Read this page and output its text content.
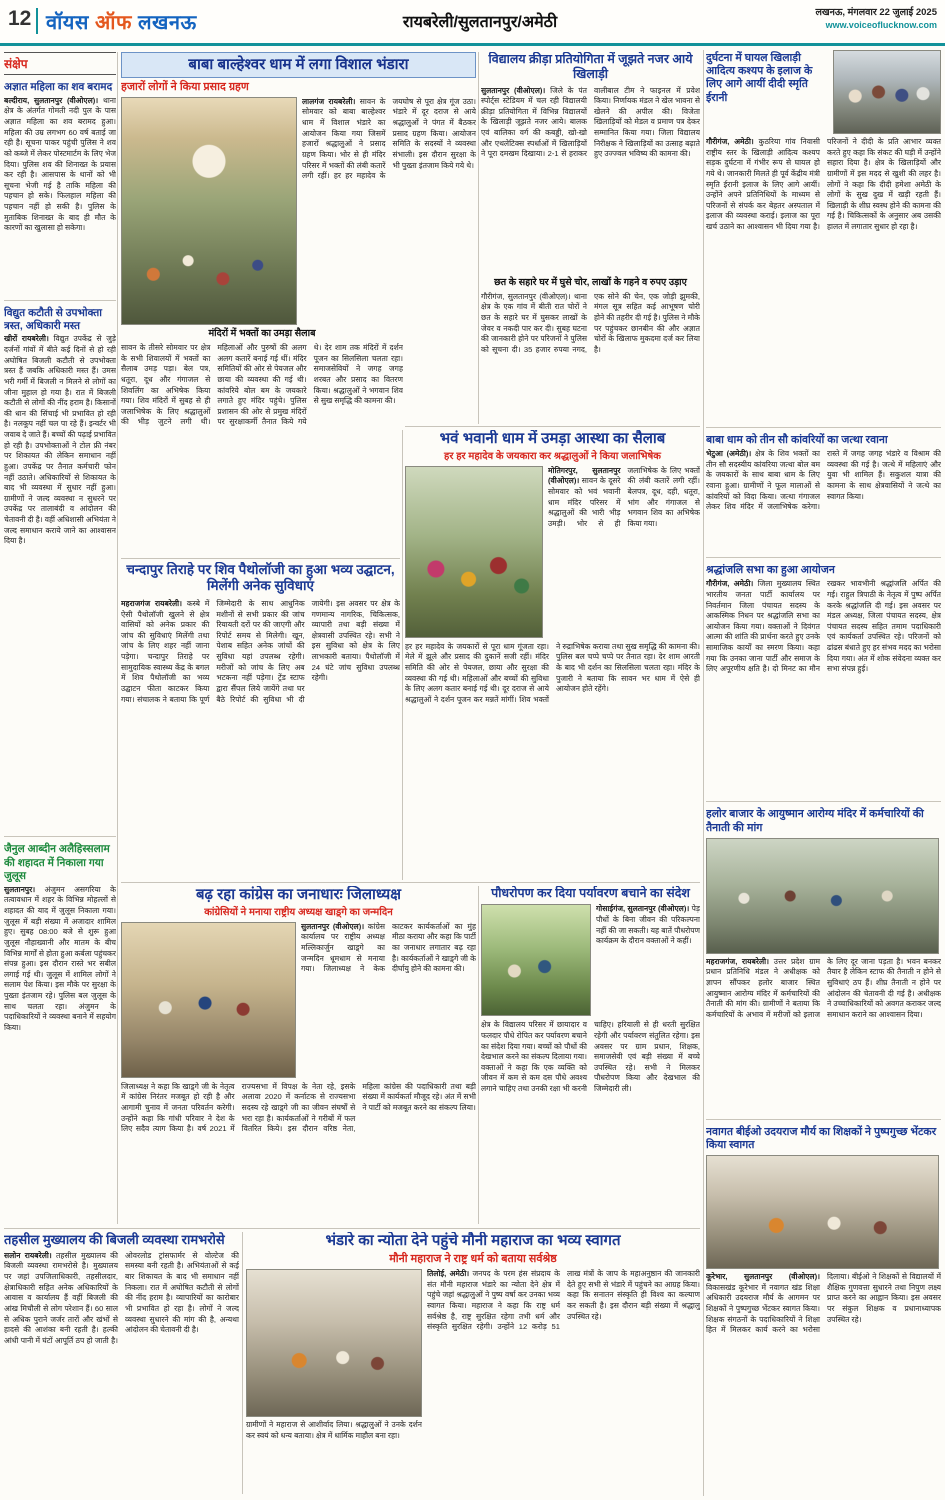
12 वॉयस ऑफ लखनऊ	रायबरेली/सुलतानपुर/अमेठी
लखनऊ, मंगलवार 22 जुलाई 2025
www.voiceoflucknow.com
संक्षेप
अज्ञात महिला का शव बरामद
बल्दीराय, सुलतानपुर (वीओएल)। थाना क्षेत्र के अंतर्गत गोमती नदी पुल के पास अज्ञात महिला का शव बरामद हुआ। महिला की उम्र लगभग 60 वर्ष बताई जा रही है। सूचना पाकर पहुंची पुलिस ने शव को कब्जे में लेकर पोस्टमार्टम के लिए भेज दिया। पुलिस शव की शिनाख्त के प्रयास कर रही है। आसपास के थानों को भी सूचना भेजी गई है ताकि महिला की पहचान हो सके। फिलहाल महिला की पहचान नहीं हो सकी है। पुलिस के मुताबिक शिनाख्त के बाद ही मौत के कारणों का खुलासा हो सकेगा।
विद्युत कटौती से उपभोक्ता त्रस्त, अधिकारी मस्त
खीरों रायबरेली। विद्युत उपकेंद्र से जुड़े दर्जनों गांवों में बीते कई दिनों से हो रही अघोषित बिजली कटौती से उपभोक्ता त्रस्त हैं जबकि अधिकारी मस्त हैं। उमस भरी गर्मी में बिजली न मिलने से लोगों का जीना मुहाल हो गया है। रात में बिजली कटौती से लोगों की नींद हराम है। किसानों की धान की सिंचाई भी प्रभावित हो रही है। नलकूप नहीं चल पा रहे हैं। इन्वर्टर भी जवाब दे जाते हैं। बच्चों की पढ़ाई प्रभावित हो रही है। उपभोक्ताओं ने टोल फ्री नंबर पर शिकायत की लेकिन समाधान नहीं हुआ। उपकेंद्र पर तैनात कर्मचारी फोन नहीं उठाते। अधिकारियों से शिकायत के बाद भी व्यवस्था में सुधार नहीं हुआ। ग्रामीणों ने जल्द व्यवस्था न सुधरने पर उपकेंद्र पर तालाबंदी व आंदोलन की चेतावनी दी है। वहीं अधिशासी अभियंता ने जल्द समाधान कराये जाने का आश्वासन दिया है।
जैनुल आब्दीन अलैहिस्सलाम की शहादत में निकाला गया जुलूस
सुलतानपुर। अंजुमन असगरिया के तत्वावधान में शहर के विभिन्न मोहल्लों से शहादत की याद में जुलूस निकाला गया। जुलूस में बड़ी संख्या में अजादार शामिल हुए। सुबह 08:00 बजे से शुरू हुआ जुलूस नौहाख्वानी और मातम के बीच विभिन्न मार्गों से होता हुआ कर्बला पहुंचकर संपन्न हुआ। इस दौरान रास्ते भर सबील लगाई गई थी। जुलूस में शामिल लोगों ने सलाम पेश किया। इस मौके पर सुरक्षा के पुख्ता इंतजाम रहे। पुलिस बल जुलूस के साथ चलता रहा। अंजुमन के पदाधिकारियों ने व्यवस्था बनाने में सहयोग किया।
बाबा बाल्हेश्वर धाम में लगा विशाल भंडारा
हजारों लोगों ने किया प्रसाद ग्रहण
लालगंज रायबरेली। सावन के सोमवार को बाबा बाल्हेश्वर धाम में विशाल भंडारे का आयोजन किया गया जिसमें हजारों श्रद्धालुओं ने प्रसाद ग्रहण किया। भोर से ही मंदिर परिसर में भक्तों की लंबी कतारें लगी रहीं। हर हर महादेव के जयघोष से पूरा क्षेत्र गूंज उठा। भंडारे में दूर दराज से आये श्रद्धालुओं ने पंगत में बैठकर प्रसाद ग्रहण किया। आयोजन समिति के सदस्यों ने व्यवस्था संभाली। इस दौरान सुरक्षा के भी पुख्ता इंतजाम किये गये थे।
मंदिरों में भक्तों का उमड़ा सैलाब
सावन के तीसरे सोमवार पर क्षेत्र के सभी शिवालयों में भक्तों का सैलाब उमड़ पड़ा। बेल पत्र, धतूरा, दूध और गंगाजल से शिवलिंग का अभिषेक किया गया। शिव मंदिरों में सुबह से ही जलाभिषेक के लिए श्रद्धालुओं की भीड़ जुटने लगी थी। महिलाओं और पुरुषों की अलग अलग कतारें बनाई गई थीं। मंदिर समितियों की ओर से पेयजल और छाया की व्यवस्था की गई थी। कांवरिये बोल बम के जयकारे लगाते हुए मंदिर पहुंचे। पुलिस प्रशासन की ओर से प्रमुख मंदिरों पर सुरक्षाकर्मी तैनात किये गये थे। देर शाम तक मंदिरों में दर्शन पूजन का सिलसिला चलता रहा। समाजसेवियों ने जगह जगह शरबत और प्रसाद का वितरण किया। श्रद्धालुओं ने भगवान शिव से सुख समृद्धि की कामना की।
विद्यालय क्रीड़ा प्रतियोगिता में जूझते नजर आये खिलाड़ी
सुलतानपुर (वीओएल)। जिले के पंत स्पोर्ट्स स्टेडियम में चल रही विद्यालयी क्रीड़ा प्रतियोगिता में विभिन्न विद्यालयों के खिलाड़ी जूझते नजर आये। बालक एवं बालिका वर्ग की कबड्डी, खो-खो और एथलेटिक्स स्पर्धाओं में खिलाड़ियों ने पूरा दमखम दिखाया। 2-1 से हराकर वालीबाल टीम ने फाइनल में प्रवेश किया। निर्णायक मंडल ने खेल भावना से खेलने की अपील की। विजेता खिलाड़ियों को मेडल व प्रमाण पत्र देकर सम्मानित किया गया। जिला विद्यालय निरीक्षक ने खिलाड़ियों का उत्साह बढ़ाते हुए उज्ज्वल भविष्य की कामना की।
छत के सहारे घर में घुसे चोर, लाखों के गहने व रुपए उड़ाए
गौरीगंज, सुलतानपुर (वीओएल)। थाना क्षेत्र के एक गांव में बीती रात चोरों ने छत के सहारे घर में घुसकर लाखों के जेवर व नकदी पार कर दी। सुबह घटना की जानकारी होने पर परिजनों ने पुलिस को सूचना दी। 35 हजार रुपया नगद, एक सोने की चेन, एक जोड़ी झुमकी, मंगल सूत्र सहित कई आभूषण चोरी होने की तहरीर दी गई है। पुलिस ने मौके पर पहुंचकर छानबीन की और अज्ञात चोरों के खिलाफ मुकदमा दर्ज कर लिया है।
भवं भवानी धाम में उमड़ा आस्था का सैलाब
हर हर महादेव के जयकारा कर श्रद्धालुओं ने किया जलाभिषेक
मोतिगरपुर, सुलतानपुर (वीओएल)। सावन के दूसरे सोमवार को भवं भवानी धाम मंदिर परिसर में श्रद्धालुओं की भारी भीड़ उमड़ी। भोर से ही जलाभिषेक के लिए भक्तों की लंबी कतारें लगी रहीं। बेलपत्र, दूध, दही, धतूरा, भांग और गंगाजल से भगवान शिव का अभिषेक किया गया।
हर हर महादेव के जयकारों से पूरा धाम गूंजता रहा। मेले में झूले और प्रसाद की दुकानें सजी रहीं। मंदिर समिति की ओर से पेयजल, छाया और सुरक्षा की व्यवस्था की गई थी। महिलाओं और बच्चों की सुविधा के लिए अलग कतार बनाई गई थी। दूर दराज से आये श्रद्धालुओं ने दर्शन पूजन कर मन्नतें मांगीं। शिव भक्तों ने रुद्राभिषेक कराया तथा सुख समृद्धि की कामना की। पुलिस बल चप्पे चप्पे पर तैनात रहा। देर शाम आरती के बाद भी दर्शन का सिलसिला चलता रहा। मंदिर के पुजारी ने बताया कि सावन भर धाम में ऐसे ही आयोजन होते रहेंगे।
चन्दापुर तिराहे पर शिव पैथोलॉजी का हुआ भव्य उद्घाटन, मिलेंगी अनेक सुविधाएं
महराजगंज रायबरेली। कस्बे में ऐसी पैथोलॉजी खुलने से क्षेत्र वासियों को अनेक प्रकार की जांच की सुविधाएं मिलेंगी तथा जांच के लिए शहर नहीं जाना पड़ेगा। चन्दापुर तिराहे पर सामुदायिक स्वास्थ्य केंद्र के बगल में शिव पैथोलॉजी का भव्य उद्घाटन फीता काटकर किया गया। संचालक ने बताया कि पूर्ण जिम्मेदारी के साथ आधुनिक मशीनों से सभी प्रकार की जांच रियायती दरों पर की जाएगी और रिपोर्ट समय से मिलेगी। खून, पेशाब सहित अनेक जांचों की सुविधा यहां उपलब्ध रहेगी। मरीजों को जांच के लिए अब भटकना नहीं पड़ेगा। ट्रेंड स्टाफ द्वारा सैंपल लिये जायेंगे तथा घर बैठे रिपोर्ट की सुविधा भी दी जायेगी। इस अवसर पर क्षेत्र के गणमान्य नागरिक, चिकित्सक, व्यापारी तथा बड़ी संख्या में क्षेत्रवासी उपस्थित रहे। सभी ने इस सुविधा को क्षेत्र के लिए लाभकारी बताया। पैथोलॉजी में 24 घंटे जांच सुविधा उपलब्ध रहेगी।
बढ़ रहा कांग्रेस का जनाधारः जिलाध्यक्ष
कांग्रेसियों ने मनाया राष्ट्रीय अध्यक्ष खाड़्गे का जन्मदिन
सुलतानपुर (वीओएल)। कांग्रेस कार्यालय पर राष्ट्रीय अध्यक्ष मल्लिकार्जुन खाड़्गे का जन्मदिन धूमधाम से मनाया गया। जिलाध्यक्ष ने केक काटकर कार्यकर्ताओं का मुंह मीठा कराया और कहा कि पार्टी का जनाधार लगातार बढ़ रहा है। कार्यकर्ताओं ने खाड़्गे जी के दीर्घायु होने की कामना की।
जिलाध्यक्ष ने कहा कि खाड़्गे जी के नेतृत्व में कांग्रेस निरंतर मजबूत हो रही है और आगामी चुनाव में जनता परिवर्तन करेगी। उन्होंने कहा कि गांधी परिवार ने देश के लिए सदैव त्याग किया है। वर्ष 2021 में राज्यसभा में विपक्ष के नेता रहे, इसके अलावा 2020 में कर्नाटक से राज्यसभा सदस्य रहे खाड़्गे जी का जीवन संघर्षों से भरा रहा है। कार्यकर्ताओं ने गरीबों में फल वितरित किये। इस दौरान वरिष्ठ नेता, महिला कांग्रेस की पदाधिकारी तथा बड़ी संख्या में कार्यकर्ता मौजूद रहे। अंत में सभी ने पार्टी को मजबूत करने का संकल्प लिया।
पौधरोपण कर दिया पर्यावरण बचाने का संदेश
गोसाईगंज, सुलतानपुर (वीओएल)। पेड़ पौधों के बिना जीवन की परिकल्पना नहीं की जा सकती। यह बातें पौधरोपण कार्यक्रम के दौरान वक्ताओं ने कहीं।
क्षेत्र के विद्यालय परिसर में छायादार व फलदार पौधे रोपित कर पर्यावरण बचाने का संदेश दिया गया। बच्चों को पौधों की देखभाल करने का संकल्प दिलाया गया। वक्ताओं ने कहा कि एक व्यक्ति को जीवन में कम से कम दस पौधे अवश्य लगाने चाहिए तथा उनकी रक्षा भी करनी चाहिए। हरियाली से ही धरती सुरक्षित रहेगी और पर्यावरण संतुलित रहेगा। इस अवसर पर ग्राम प्रधान, शिक्षक, समाजसेवी एवं बड़ी संख्या में बच्चे उपस्थित रहे। सभी ने मिलकर पौधरोपण किया और देखभाल की जिम्मेदारी ली।
दुर्घटना में घायल खिलाड़ी आदित्य कश्यप के इलाज के लिए आगे आयीं दीदी स्मृति ईरानी
गौरीगंज, अमेठी। कुठरिया गांव निवासी राष्ट्रीय स्तर के खिलाड़ी आदित्य कश्यप सड़क दुर्घटना में गंभीर रूप से घायल हो गये थे। जानकारी मिलते ही पूर्व केंद्रीय मंत्री स्मृति ईरानी इलाज के लिए आगे आयीं। उन्होंने अपने प्रतिनिधियों के माध्यम से परिजनों से संपर्क कर बेहतर अस्पताल में इलाज की व्यवस्था कराई। इलाज का पूरा खर्च उठाने का आश्वासन भी दिया गया है। परिजनों ने दीदी के प्रति आभार व्यक्त करते हुए कहा कि संकट की घड़ी में उन्होंने सहारा दिया है। क्षेत्र के खिलाड़ियों और ग्रामीणों में इस मदद से खुशी की लहर है। लोगों ने कहा कि दीदी हमेशा अमेठी के लोगों के सुख दुख में खड़ी रहती हैं। खिलाड़ी के शीघ्र स्वस्थ होने की कामना की गई है। चिकित्सकों के अनुसार अब उसकी हालत में लगातार सुधार हो रहा है।
बाबा धाम को तीन सौ कांवरियों का जत्था रवाना
भेटुआ (अमेठी)। क्षेत्र के शिव भक्तों का तीन सौ सदस्यीय कांवरिया जत्था बोल बम के जयकारों के साथ बाबा धाम के लिए रवाना हुआ। ग्रामीणों ने फूल मालाओं से कांवरियों को विदा किया। जत्था गंगाजल लेकर शिव मंदिर में जलाभिषेक करेगा। रास्ते में जगह जगह भंडारे व विश्राम की व्यवस्था की गई है। जत्थे में महिलाएं और युवा भी शामिल हैं। सकुशल यात्रा की कामना के साथ क्षेत्रवासियों ने जत्थे का स्वागत किया।
श्रद्धांजलि सभा का हुआ आयोजन
गौरीगंज, अमेठी। जिला मुख्यालय स्थित भारतीय जनता पार्टी कार्यालय पर निवर्तमान जिला पंचायत सदस्य के आकस्मिक निधन पर श्रद्धांजलि सभा का आयोजन किया गया। वक्ताओं ने दिवंगत आत्मा की शांति की प्रार्थना करते हुए उनके सामाजिक कार्यों का स्मरण किया। कहा गया कि उनका जाना पार्टी और समाज के लिए अपूरणीय क्षति है। दो मिनट का मौन रखकर भावभीनी श्रद्धांजलि अर्पित की गई। राहुल त्रिपाठी के नेतृत्व में पुष्प अर्पित करके श्रद्धांजलि दी गई। इस अवसर पर मंडल अध्यक्ष, जिला पंचायत सदस्य, क्षेत्र पंचायत सदस्य सहित तमाम पदाधिकारी एवं कार्यकर्ता उपस्थित रहे। परिजनों को ढांढस बंधाते हुए हर संभव मदद का भरोसा दिया गया। अंत में शोक संवेदना व्यक्त कर सभा संपन्न हुई।
हलोर बाजार के आयुष्मान आरोग्य मंदिर में कर्मचारियों की तैनाती की मांग
महराजगंज, रायबरेली। उत्तर प्रदेश ग्राम प्रधान प्रतिनिधि मंडल ने अधीक्षक को ज्ञापन सौंपकर हलोर बाजार स्थित आयुष्मान आरोग्य मंदिर में कर्मचारियों की तैनाती की मांग की। ग्रामीणों ने बताया कि कर्मचारियों के अभाव में मरीजों को इलाज के लिए दूर जाना पड़ता है। भवन बनकर तैयार है लेकिन स्टाफ की तैनाती न होने से सुविधाएं ठप हैं। शीघ्र तैनाती न होने पर आंदोलन की चेतावनी दी गई है। अधीक्षक ने उच्चाधिकारियों को अवगत कराकर जल्द समाधान कराने का आश्वासन दिया।
नवागत बीईओ उदयराज मौर्य का शिक्षकों ने पुष्पगुच्छ भेंटकर किया स्वागत
कूरेभार, सुलतानपुर (वीओएल)। विकासखंड कूरेभार में नवागत खंड शिक्षा अधिकारी उदयराज मौर्य के आगमन पर शिक्षकों ने पुष्पगुच्छ भेंटकर स्वागत किया। शिक्षक संगठनों के पदाधिकारियों ने शिक्षा हित में मिलकर कार्य करने का भरोसा दिलाया। बीईओ ने शिक्षकों से विद्यालयों में शैक्षिक गुणवत्ता सुधारने तथा निपुण लक्ष्य प्राप्त करने का आह्वान किया। इस अवसर पर संकुल शिक्षक व प्रधानाध्यापक उपस्थित रहे।
तहसील मुख्यालय की बिजली व्यवस्था रामभरोसे
सलोन रायबरेली। तहसील मुख्यालय की बिजली व्यवस्था रामभरोसे है। मुख्यालय पर जहां उपजिलाधिकारी, तहसीलदार, क्षेत्राधिकारी सहित अनेक अधिकारियों के आवास व कार्यालय हैं वहीं बिजली की आंख मिचौली से लोग परेशान हैं। 60 साल से अधिक पुराने जर्जर तारों और खंभों से हादसे की आशंका बनी रहती है। हल्की आंधी पानी में घंटों आपूर्ति ठप हो जाती है। ओवरलोड ट्रांसफार्मर से वोल्टेज की समस्या बनी रहती है। अभियंताओं से कई बार शिकायत के बाद भी समाधान नहीं निकला। रात में अघोषित कटौती से लोगों की नींद हराम है। व्यापारियों का कारोबार भी प्रभावित हो रहा है। लोगों ने जल्द व्यवस्था सुधारने की मांग की है, अन्यथा आंदोलन की चेतावनी दी है।
भंडारे का न्योता देने पहुंचे मौनी महाराज का भव्य स्वागत
मौनी महाराज ने राष्ट्र धर्म को बताया सर्वश्रेष्ठ
ग्रामीणों ने महाराज से आशीर्वाद लिया। श्रद्धालुओं ने उनके दर्शन कर स्वयं को धन्य बताया। क्षेत्र में धार्मिक माहौल बना रहा।
तिलोई, अमेठी। जनपद के परम हंस संप्रदाय के संत मौनी महाराज भंडारे का न्योता देने क्षेत्र में पहुंचे जहां श्रद्धालुओं ने पुष्प वर्षा कर उनका भव्य स्वागत किया। महाराज ने कहा कि राष्ट्र धर्म सर्वश्रेष्ठ है, राष्ट्र सुरक्षित रहेगा तभी धर्म और संस्कृति सुरक्षित रहेगी। उन्होंने 12 करोड़ 51 लाख मंत्रों के जाप के महाअनुष्ठान की जानकारी देते हुए सभी से भंडारे में पहुंचने का आग्रह किया। कहा कि सनातन संस्कृति ही विश्व का कल्याण कर सकती है। इस दौरान बड़ी संख्या में श्रद्धालु उपस्थित रहे।
